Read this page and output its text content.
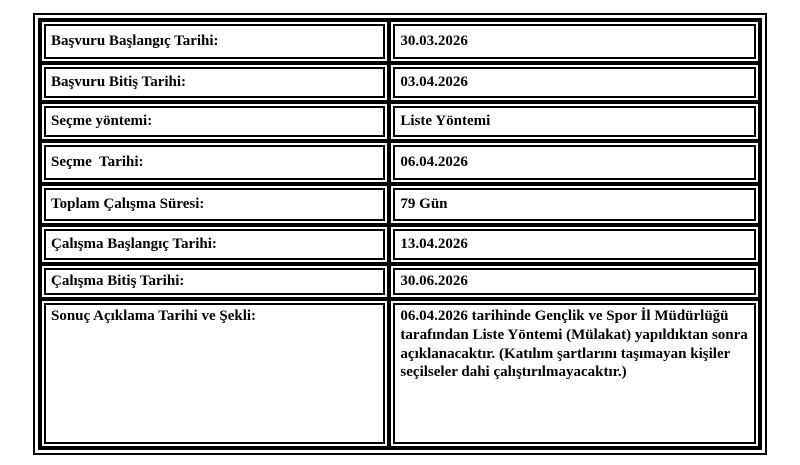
Başvuru Başlangıç Tarihi:	30.03.2026

Başvuru Bitiş Tarihi:	03.04.2026

Seçme yöntemi:	Liste Yöntemi

Seçme  Tarihi:	06.04.2026

Toplam Çalışma Süresi:	79 Gün

Çalışma Başlangıç Tarihi:	13.04.2026

Çalışma Bitiş Tarihi:	30.06.2026

Sonuç Açıklama Tarihi ve Şekli:	06.04.2026 tarihinde Gençlik ve Spor İl Müdürlüğü tarafından Liste Yöntemi (Mülakat) yapıldıktan sonra açıklanacaktır. (Katılım şartlarını taşımayan kişiler seçilseler dahi çalıştırılmayacaktır.)
